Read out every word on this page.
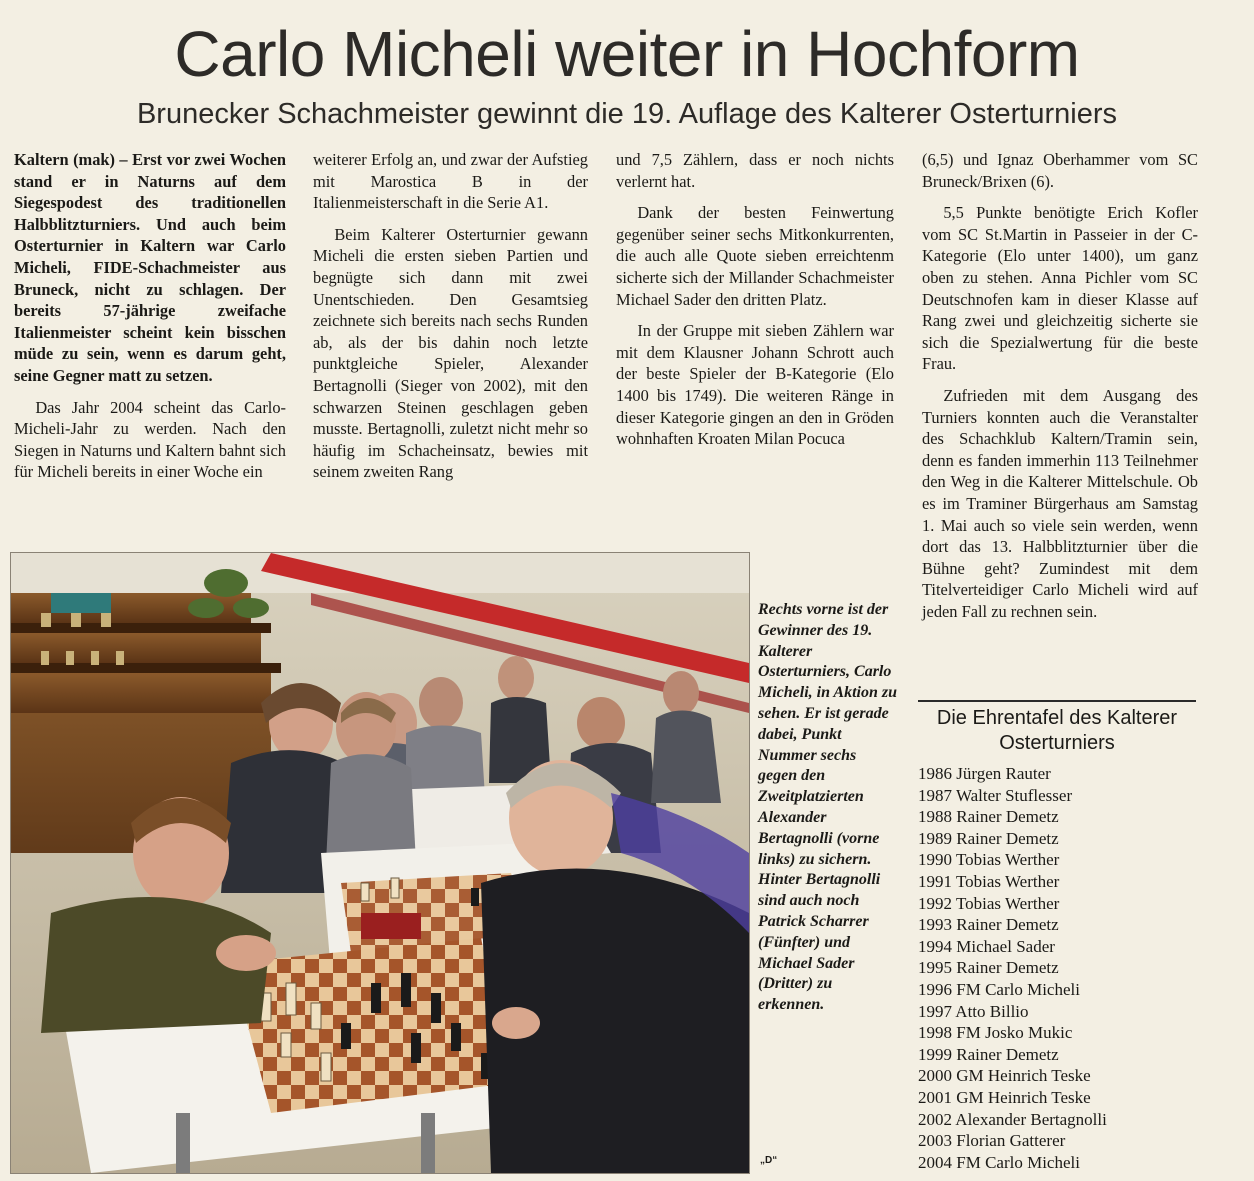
Carlo Micheli weiter in Hochform
Brunecker Schachmeister gewinnt die 19. Auflage des Kalterer Osterturniers

Kaltern (mak) – Erst vor zwei Wochen stand er in Naturns auf dem Siegespodest des traditionellen Halbblitzturniers. Und auch beim Osterturnier in Kaltern war Carlo Micheli, FIDE-Schachmeister aus Bruneck, nicht zu schlagen. Der bereits 57-jährige zweifache Italienmeister scheint kein bisschen müde zu sein, wenn es darum geht, seine Gegner matt zu setzen.

Das Jahr 2004 scheint das Carlo-Micheli-Jahr zu werden. Nach den Siegen in Naturns und Kaltern bahnt sich für Micheli bereits in einer Woche ein

weiterer Erfolg an, und zwar der Aufstieg mit Marostica B in der Italienmeisterschaft in die Serie A1.

Beim Kalterer Osterturnier gewann Micheli die ersten sieben Partien und begnügte sich dann mit zwei Unentschieden. Den Gesamtsieg zeichnete sich bereits nach sechs Runden ab, als der bis dahin noch letzte punktgleiche Spieler, Alexander Bertagnolli (Sieger von 2002), mit den schwarzen Steinen geschlagen geben musste. Bertagnolli, zuletzt nicht mehr so häufig im Schacheinsatz, bewies mit seinem zweiten Rang

und 7,5 Zählern, dass er noch nichts verlernt hat.

Dank der besten Feinwertung gegenüber seiner sechs Mitkonkurrenten, die auch alle Quote sieben erreichtenm sicherte sich der Millander Schachmeister Michael Sader den dritten Platz.

In der Gruppe mit sieben Zählern war mit dem Klausner Johann Schrott auch der beste Spieler der B-Kategorie (Elo 1400 bis 1749). Die weiteren Ränge in dieser Kategorie gingen an den in Gröden wohnhaften Kroaten Milan Pocuca

(6,5) und Ignaz Oberhammer vom SC Bruneck/Brixen (6).

5,5 Punkte benötigte Erich Kofler vom SC St.Martin in Passeier in der C-Kategorie (Elo unter 1400), um ganz oben zu stehen. Anna Pichler vom SC Deutschnofen kam in dieser Klasse auf Rang zwei und gleichzeitig sicherte sie sich die Spezialwertung für die beste Frau.

Zufrieden mit dem Ausgang des Turniers konnten auch die Veranstalter des Schachklub Kaltern/Tramin sein, denn es fanden immerhin 113 Teilnehmer den Weg in die Kalterer Mittelschule. Ob es im Traminer Bürgerhaus am Samstag 1. Mai auch so viele sein werden, wenn dort das 13. Halbblitzturnier über die Bühne geht? Zumindest mit dem Titelverteidiger Carlo Micheli wird auf jeden Fall zu rechnen sein.

Rechts vorne ist der Gewinner des 19. Kalterer Osterturniers, Carlo Micheli, in Aktion zu sehen. Er ist gerade dabei, Punkt Nummer sechs gegen den Zweitplatzierten Alexander Bertagnolli (vorne links) zu sichern. Hinter Bertagnolli sind auch noch Patrick Scharrer (Fünfter) und Michael Sader (Dritter) zu erkennen.
„D“
Die Ehrentafel des Kalterer Osterturniers
1986 Jürgen Rauter
1987 Walter Stuflesser
1988 Rainer Demetz
1989 Rainer Demetz
1990 Tobias Werther
1991 Tobias Werther
1992 Tobias Werther
1993 Rainer Demetz
1994 Michael Sader
1995 Rainer Demetz
1996 FM Carlo Micheli
1997 Atto Billio
1998 FM Josko Mukic
1999 Rainer Demetz
2000 GM Heinrich Teske
2001 GM Heinrich Teske
2002 Alexander Bertagnolli
2003 Florian Gatterer
2004 FM Carlo Micheli
